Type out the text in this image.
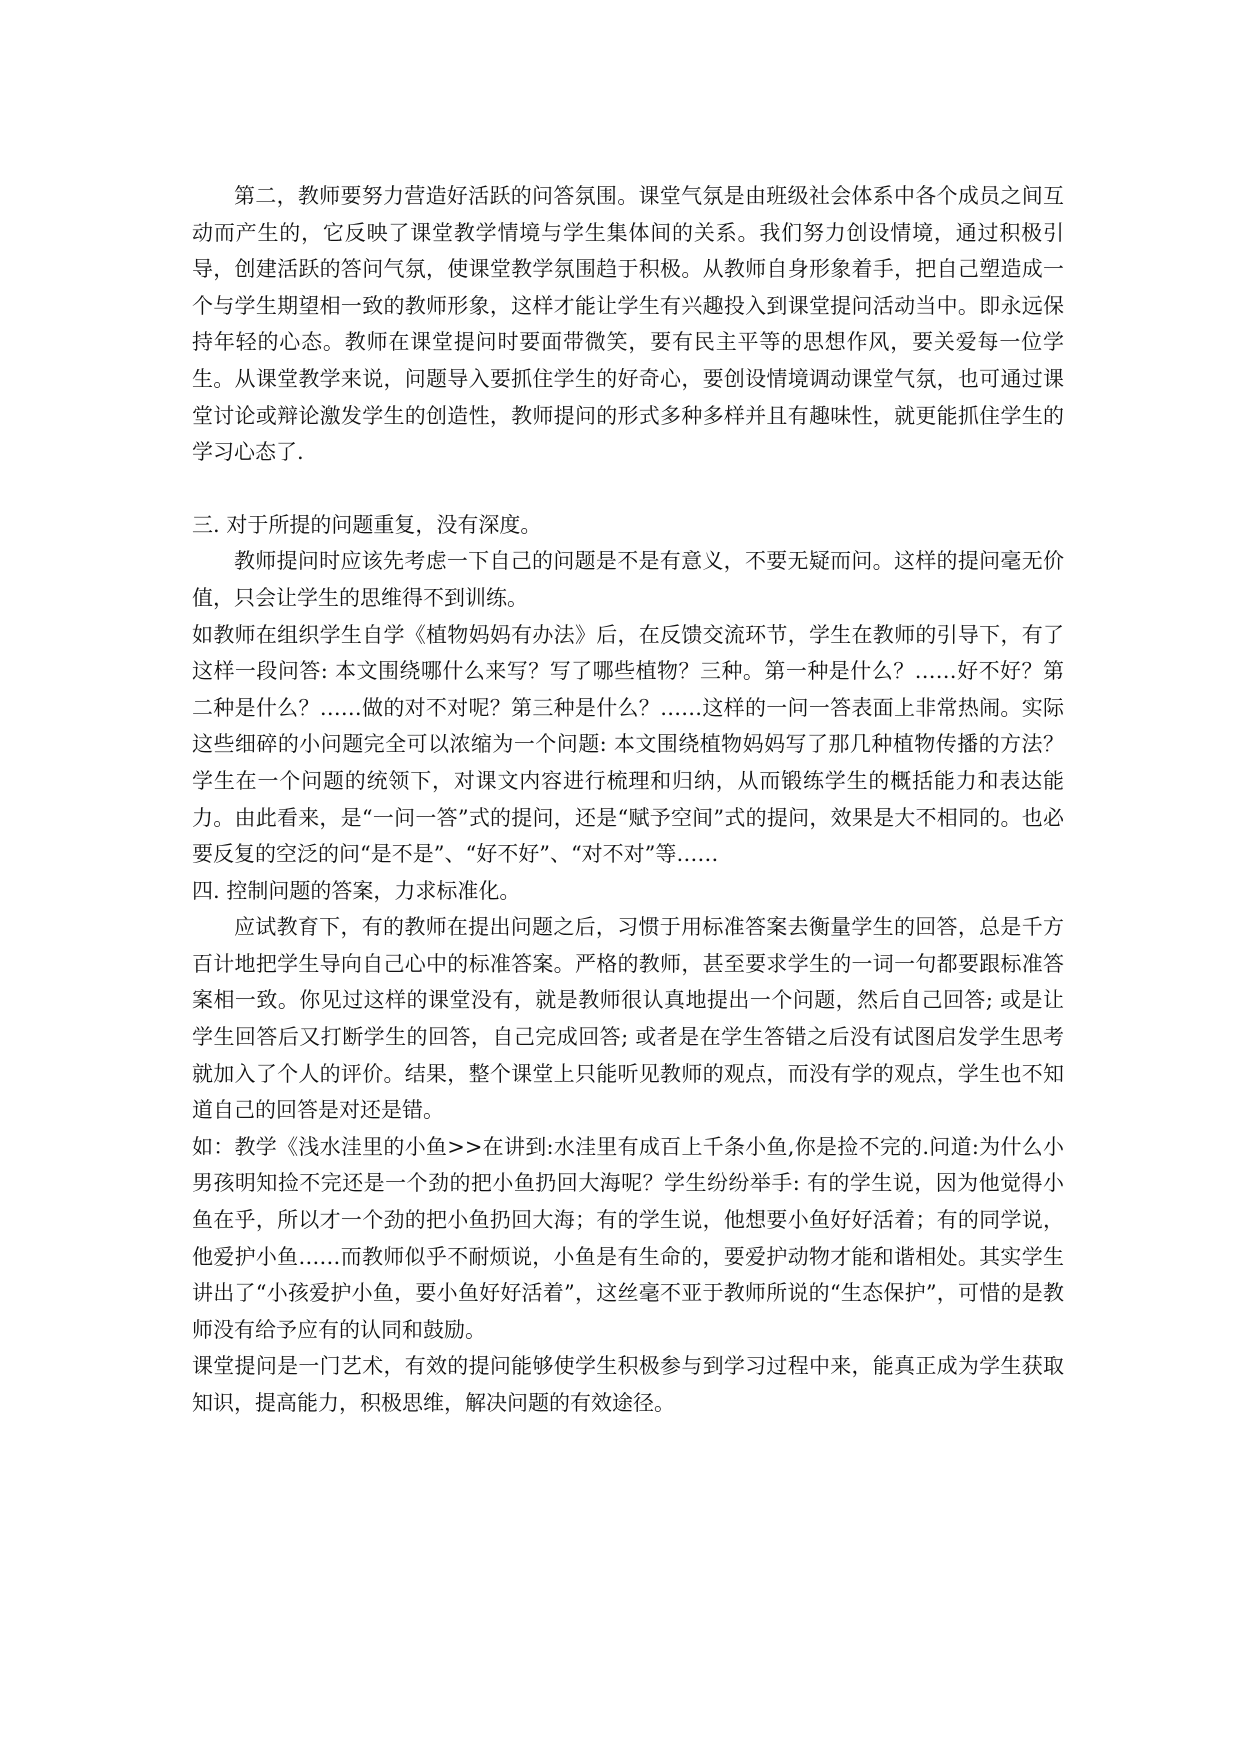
第二，教师要努力营造好活跃的问答氛围。课堂气氛是由班级社会体系中各个成员之间互动而产生的，它反映了课堂教学情境与学生集体间的关系。我们努力创设情境，通过积极引导，创建活跃的答问气氛，使课堂教学氛围趋于积极。从教师自身形象着手，把自己塑造成一个与学生期望相一致的教师形象，这样才能让学生有兴趣投入到课堂提问活动当中。即永远保持年轻的心态。教师在课堂提问时要面带微笑，要有民主平等的思想作风，要关爱每一位学生。从课堂教学来说，问题导入要抓住学生的好奇心，要创设情境调动课堂气氛，也可通过课堂讨论或辩论激发学生的创造性，教师提问的形式多种多样并且有趣味性，就更能抓住学生的学习心态了.

三. 对于所提的问题重复，没有深度。

教师提问时应该先考虑一下自己的问题是不是有意义，不要无疑而问。这样的提问毫无价值，只会让学生的思维得不到训练。

如教师在组织学生自学《植物妈妈有办法》后，在反馈交流环节，学生在教师的引导下，有了这样一段问答: 本文围绕哪什么来写？写了哪些植物？三种。第一种是什么？……好不好？第二种是什么？……做的对不对呢？第三种是什么？……这样的一问一答表面上非常热闹。实际这些细碎的小问题完全可以浓缩为一个问题: 本文围绕植物妈妈写了那几种植物传播的方法？学生在一个问题的统领下，对课文内容进行梳理和归纳，从而锻练学生的概括能力和表达能力。由此看来，是“一问一答”式的提问，还是“赋予空间”式的提问，效果是大不相同的。也必要反复的空泛的问“是不是”、“好不好”、“对不对”等……

四. 控制问题的答案，力求标准化。

应试教育下，有的教师在提出问题之后，习惯于用标准答案去衡量学生的回答，总是千方百计地把学生导向自己心中的标准答案。严格的教师，甚至要求学生的一词一句都要跟标准答案相一致。你见过这样的课堂没有，就是教师很认真地提出一个问题，然后自己回答; 或是让学生回答后又打断学生的回答，自己完成回答; 或者是在学生答错之后没有试图启发学生思考就加入了个人的评价。结果，整个课堂上只能听见教师的观点，而没有学的观点，学生也不知道自己的回答是对还是错。

如：教学《浅水洼里的小鱼>>在讲到:水洼里有成百上千条小鱼,你是捡不完的.问道:为什么小男孩明知捡不完还是一个劲的把小鱼扔回大海呢？学生纷纷举手: 有的学生说，因为他觉得小鱼在乎，所以才一个劲的把小鱼扔回大海；有的学生说，他想要小鱼好好活着；有的同学说，他爱护小鱼……而教师似乎不耐烦说，小鱼是有生命的，要爱护动物才能和谐相处。其实学生讲出了“小孩爱护小鱼，要小鱼好好活着”，这丝毫不亚于教师所说的“生态保护”，可惜的是教师没有给予应有的认同和鼓励。

课堂提问是一门艺术，有效的提问能够使学生积极参与到学习过程中来，能真正成为学生获取知识，提高能力，积极思维，解决问题的有效途径。
